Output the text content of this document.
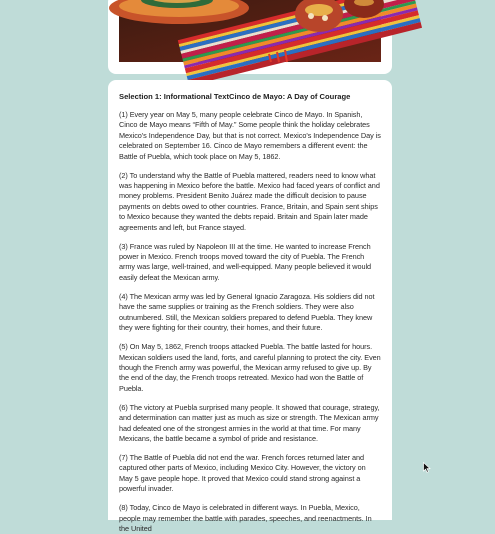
Selection 1: Informational TextCinco de Mayo: A Day of Courage

(1) Every year on May 5, many people celebrate Cinco de Mayo. In Spanish, Cinco de Mayo means “Fifth of May.” Some people think the holiday celebrates Mexico's Independence Day, but that is not correct. Mexico's Independence Day is celebrated on September 16. Cinco de Mayo remembers a different event: the Battle of Puebla, which took place on May 5, 1862.

(2) To understand why the Battle of Puebla mattered, readers need to know what was happening in Mexico before the battle. Mexico had faced years of conflict and money problems. President Benito Juárez made the difficult decision to pause payments on debts owed to other countries. France, Britain, and Spain sent ships to Mexico because they wanted the debts repaid. Britain and Spain later made agreements and left, but France stayed.

(3) France was ruled by Napoleon III at the time. He wanted to increase French power in Mexico. French troops moved toward the city of Puebla. The French army was large, well-trained, and well-equipped. Many people believed it would easily defeat the Mexican army.

(4) The Mexican army was led by General Ignacio Zaragoza. His soldiers did not have the same supplies or training as the French soldiers. They were also outnumbered. Still, the Mexican soldiers prepared to defend Puebla. They knew they were fighting for their country, their homes, and their future.

(5) On May 5, 1862, French troops attacked Puebla. The battle lasted for hours. Mexican soldiers used the land, forts, and careful planning to protect the city. Even though the French army was powerful, the Mexican army refused to give up. By the end of the day, the French troops retreated. Mexico had won the Battle of Puebla.

(6) The victory at Puebla surprised many people. It showed that courage, strategy, and determination can matter just as much as size or strength. The Mexican army had defeated one of the strongest armies in the world at that time. For many Mexicans, the battle became a symbol of pride and resistance.

(7) The Battle of Puebla did not end the war. French forces returned later and captured other parts of Mexico, including Mexico City. However, the victory on May 5 gave people hope. It proved that Mexico could stand strong against a powerful invader.

(8) Today, Cinco de Mayo is celebrated in different ways. In Puebla, Mexico, people may remember the battle with parades, speeches, and reenactments. In the United
